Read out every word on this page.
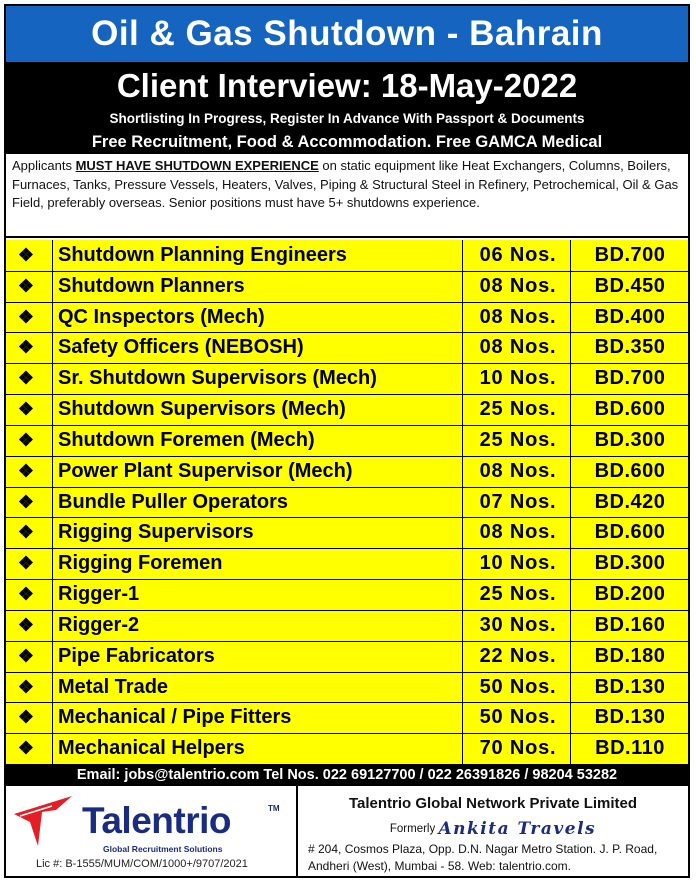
Oil & Gas Shutdown - Bahrain
Client Interview: 18-May-2022
Shortlisting In Progress, Register In Advance With Passport & Documents
Free Recruitment, Food & Accommodation. Free GAMCA Medical
Applicants MUST HAVE SHUTDOWN EXPERIENCE on static equipment like Heat Exchangers, Columns, Boilers, Furnaces, Tanks, Pressure Vessels, Heaters, Valves, Piping & Structural Steel in Refinery, Petrochemical, Oil & Gas Field, preferably overseas. Senior positions must have 5+ shutdowns experience.
❖	Shutdown Planning Engineers	06 Nos.	BD.700
❖	Shutdown Planners	08 Nos.	BD.450
❖	QC Inspectors (Mech)	08 Nos.	BD.400
❖	Safety Officers (NEBOSH)	08 Nos.	BD.350
❖	Sr. Shutdown Supervisors (Mech)	10 Nos.	BD.700
❖	Shutdown Supervisors (Mech)	25 Nos.	BD.600
❖	Shutdown Foremen (Mech)	25 Nos.	BD.300
❖	Power Plant Supervisor (Mech)	08 Nos.	BD.600
❖	Bundle Puller Operators	07 Nos.	BD.420
❖	Rigging Supervisors	08 Nos.	BD.600
❖	Rigging Foremen	10 Nos.	BD.300
❖	Rigger-1	25 Nos.	BD.200
❖	Rigger-2	30 Nos.	BD.160
❖	Pipe Fabricators	22 Nos.	BD.180
❖	Metal Trade	50 Nos.	BD.130
❖	Mechanical / Pipe Fitters	50 Nos.	BD.130
❖	Mechanical Helpers	70 Nos.	BD.110
Email: jobs@talentrio.com Tel Nos. 022 69127700 / 022 26391826 / 98204 53282
Talentrio	TM
Global Recruitment Solutions
Lic #: B-1555/MUM/COM/1000+/9707/2021
Talentrio Global Network Private Limited
Formerly Ankita Travels
# 204, Cosmos Plaza, Opp. D.N. Nagar Metro Station. J. P. Road, Andheri (West), Mumbai - 58. Web: talentrio.com.
